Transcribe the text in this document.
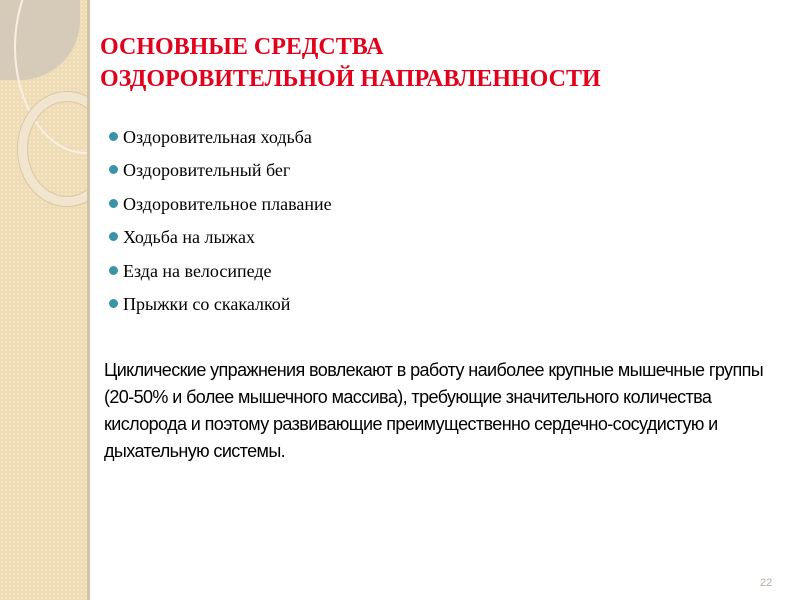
ОСНОВНЫЕ СРЕДСТВА
ОЗДОРОВИТЕЛЬНОЙ НАПРАВЛЕННОСТИ
Оздоровительная ходьба
Оздоровительный бег
Оздоровительное плавание
Ходьба на лыжах
Езда на велосипеде
Прыжки со скакалкой
Циклические упражнения вовлекают в работу наиболее крупные мышечные группы (20-50% и более мышечного массива), требующие значительного количества кислорода и поэтому развивающие преимущественно сердечно-сосудистую и дыхательную системы.
22
